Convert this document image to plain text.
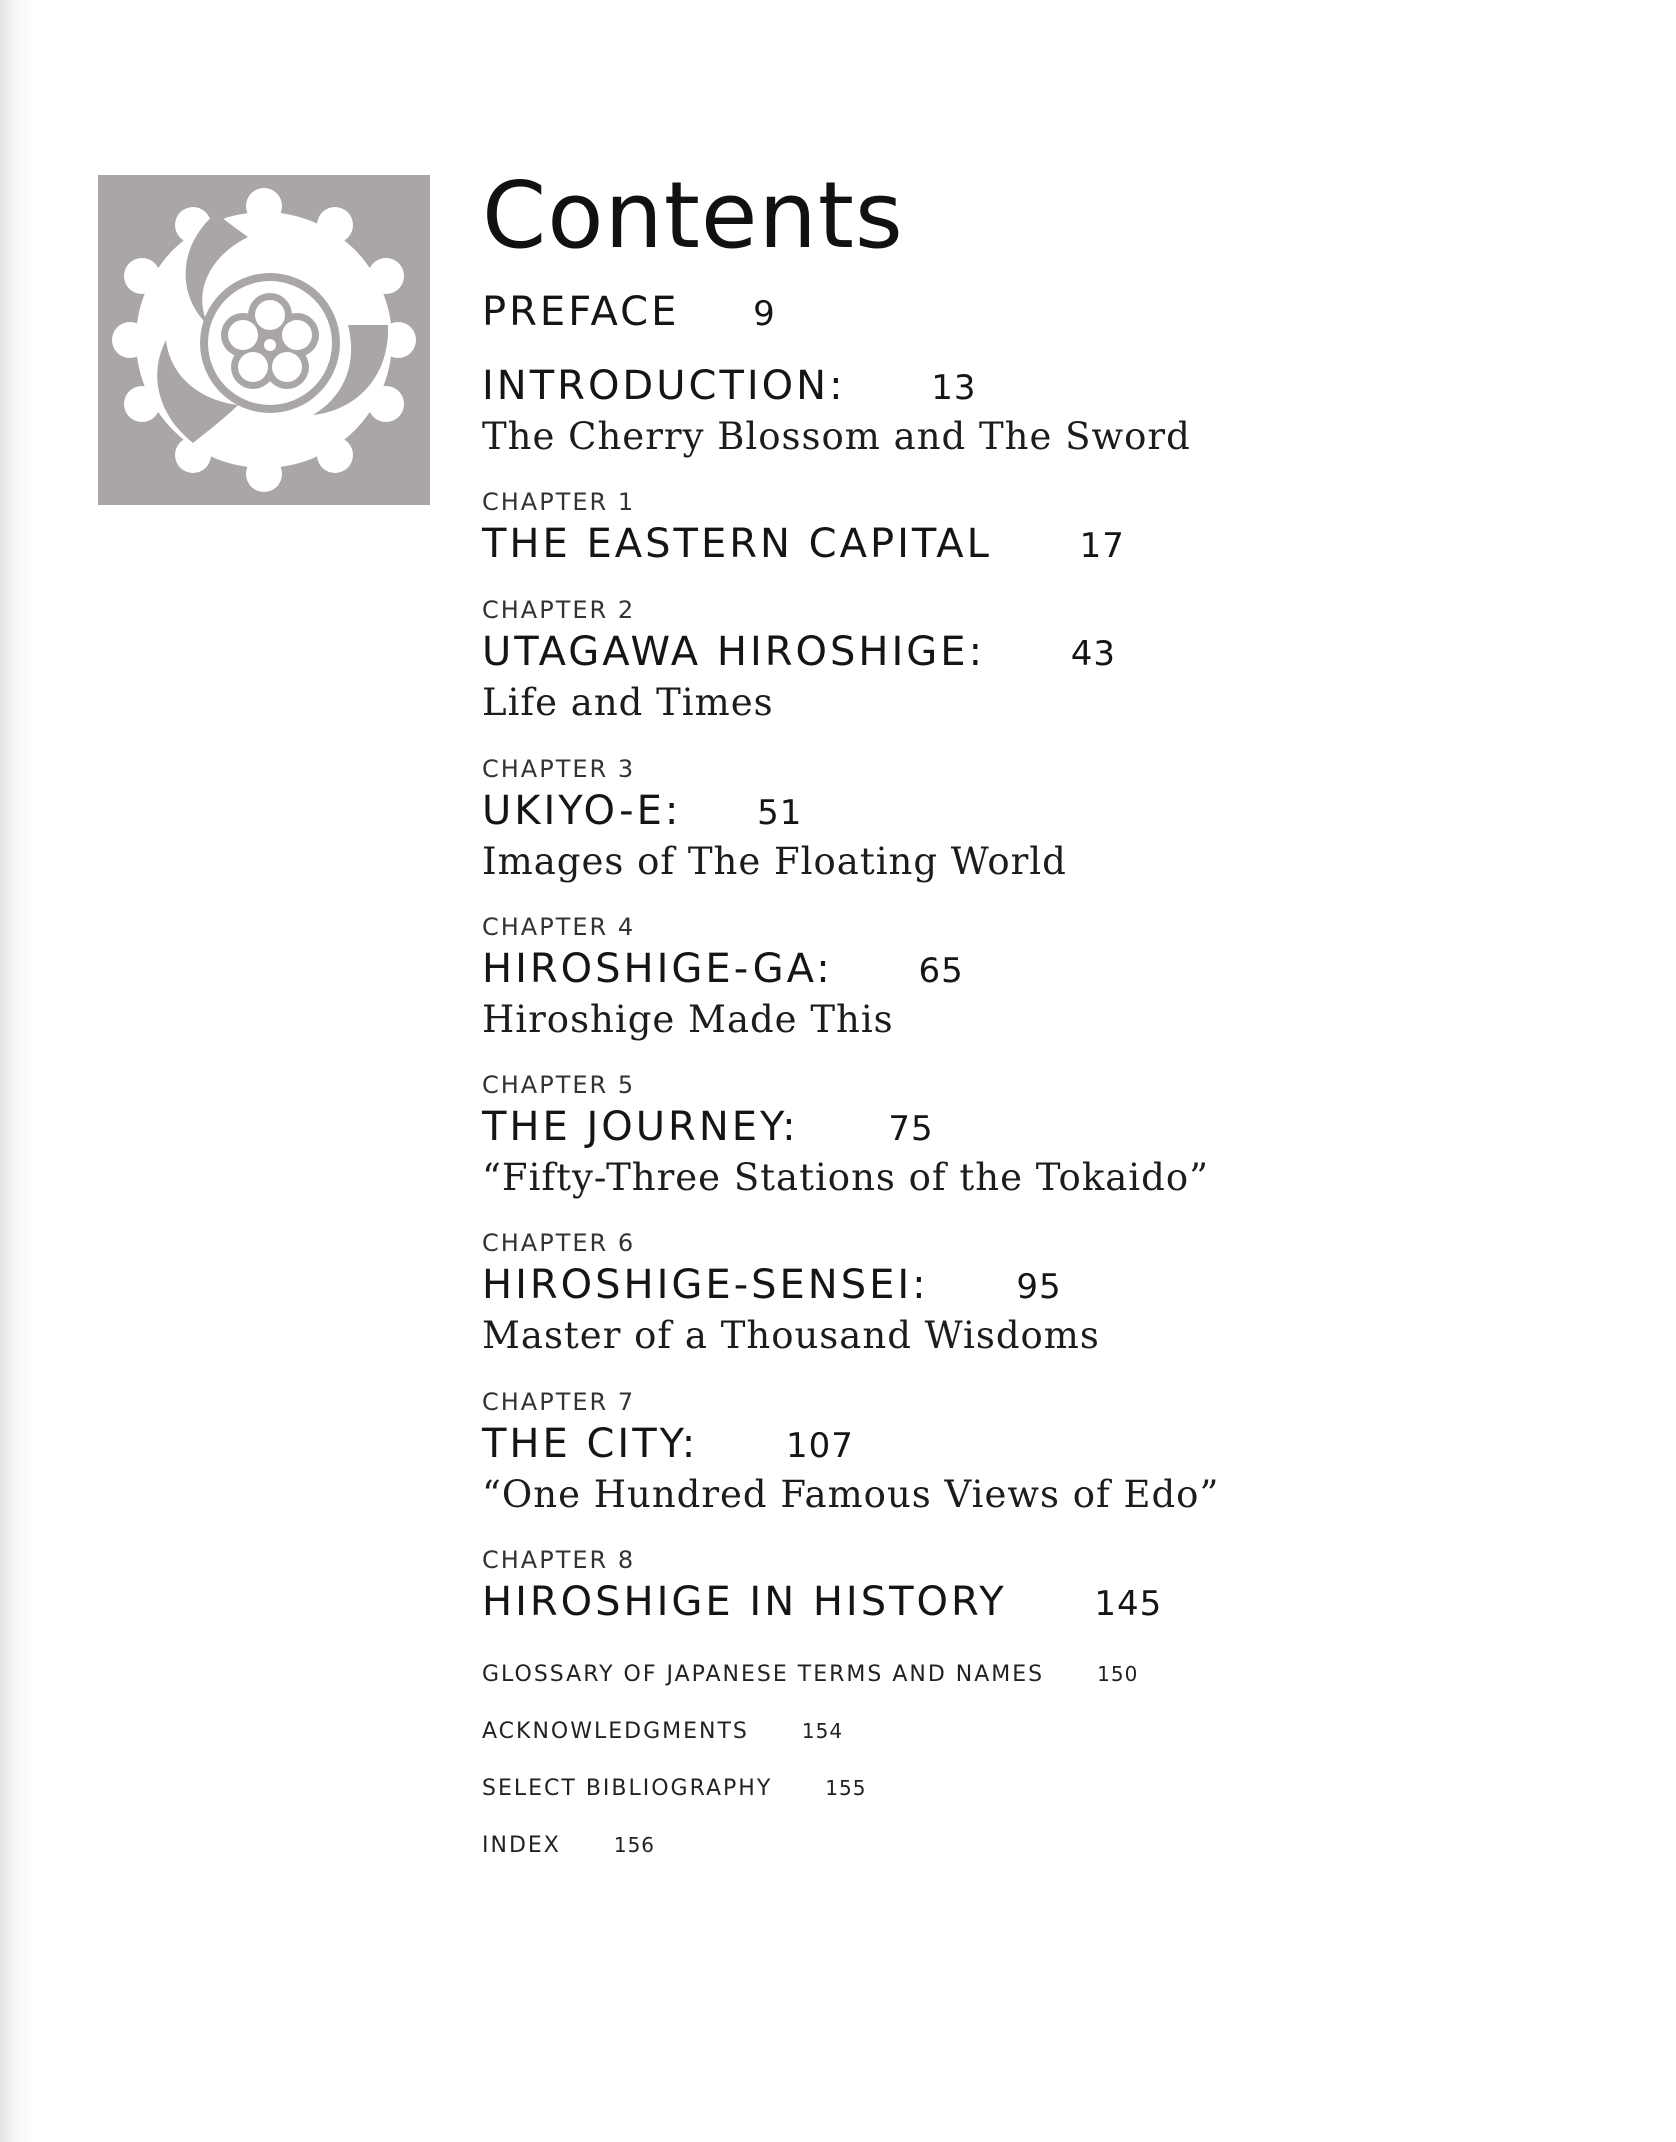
Contents
PREFACE 9
INTRODUCTION:	13
The Cherry Blossom and The Sword
CHAPTER 1
THE EASTERN CAPITAL	17
CHAPTER 2
UTAGAWA HIROSHIGE:	43
Life and Times
CHAPTER 3
UKIYO-E: 51
Images of The Floating World
CHAPTER 4
HIROSHIGE-GA:	65
Hiroshige Made This
CHAPTER 5
THE JOURNEY:	75
“Fifty-Three Stations of the Tokaido”
CHAPTER 6
HIROSHIGE-SENSEI:	95
Master of a Thousand Wisdoms
CHAPTER 7
THE CITY:	107
“One Hundred Famous Views of Edo”
CHAPTER 8
HIROSHIGE IN HISTORY	145
GLOSSARY OF JAPANESE TERMS AND NAMES	150
ACKNOWLEDGMENTS	154
SELECT BIBLIOGRAPHY	155
INDEX	156
